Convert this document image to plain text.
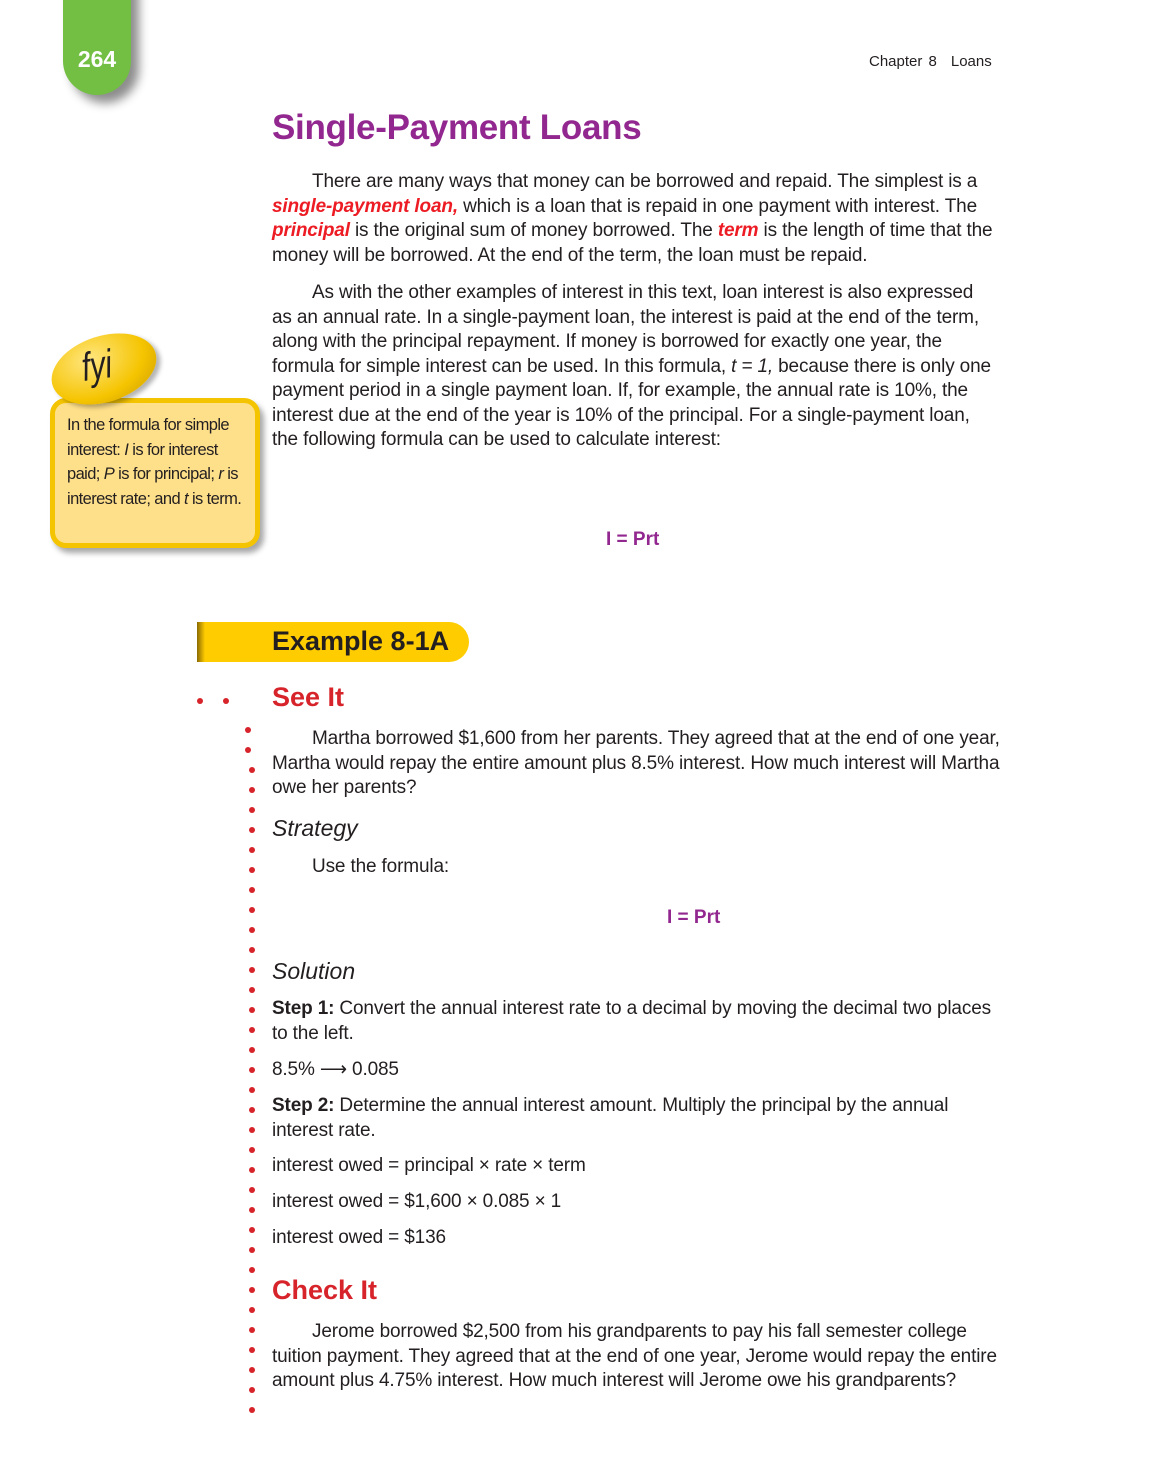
264	Chapter 8 Loans
Single-Payment Loans

There are many ways that money can be borrowed and repaid. The simplest is a single-payment loan, which is a loan that is repaid in one payment with interest. The principal is the original sum of money borrowed. The term is the length of time that the money will be borrowed. At the end of the term, the loan must be repaid.

As with the other examples of interest in this text, loan interest is also expressed as an annual rate. In a single-payment loan, the interest is paid at the end of the term, along with the principal repayment. If money is borrowed for exactly one year, the formula for simple interest can be used. In this formula, t = 1, because there is only one payment period in a single payment loan. If, for example, the annual rate is 10%, the interest due at the end of the year is 10% of the principal. For a single-payment loan, the following formula can be used to calculate interest:

I = Prt
In the formula for simple interest: I is for interest paid; P is for principal; r is interest rate; and t is term.
fyi
Example 8-1A
See It
Martha borrowed $1,600 from her parents. They agreed that at the end of one year, Martha would repay the entire amount plus 8.5% interest. How much interest will Martha owe her parents?
Strategy
Use the formula:
I = Prt
Solution
Step 1: Convert the annual interest rate to a decimal by moving the decimal two places to the left.
8.5% ⟶ 0.085
Step 2: Determine the annual interest amount. Multiply the principal by the annual interest rate.
interest owed = principal × rate × term
interest owed = $1,600 × 0.085 × 1
interest owed = $136
Check It
Jerome borrowed $2,500 from his grandparents to pay his fall semester college tuition payment. They agreed that at the end of one year, Jerome would repay the entire amount plus 4.75% interest. How much interest will Jerome owe his grandparents?
